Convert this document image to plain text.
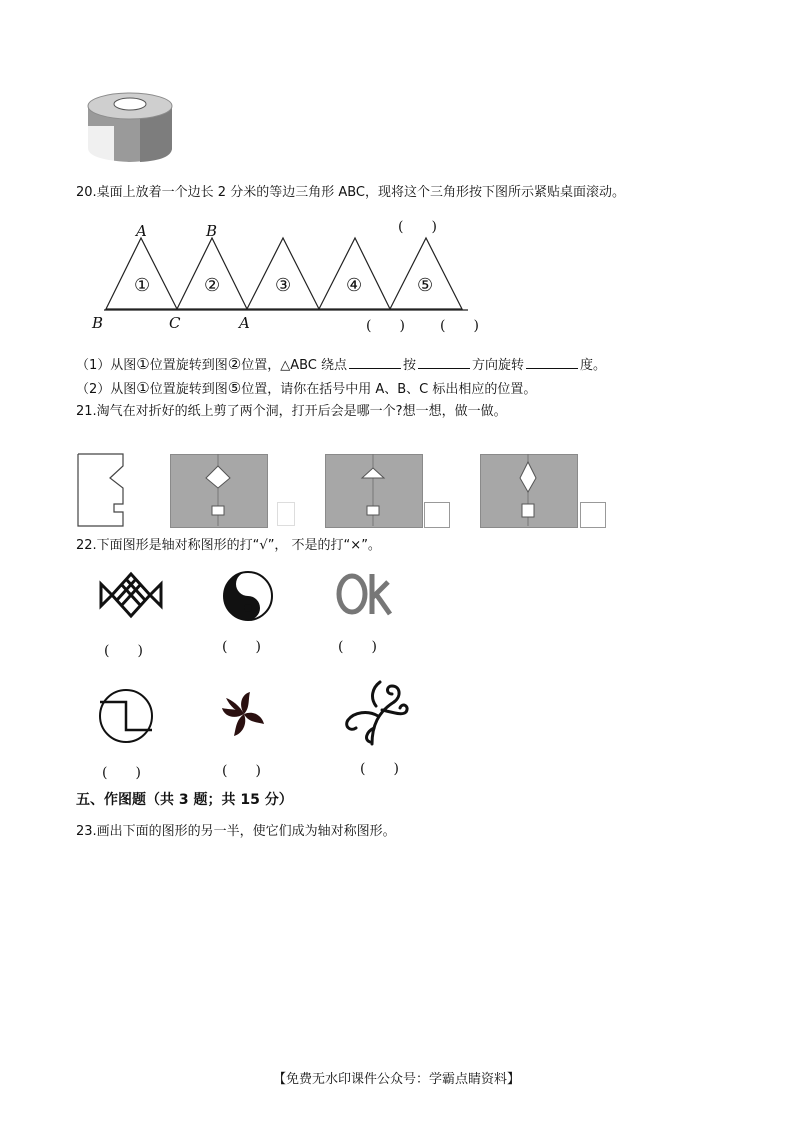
20.桌面上放着一个边长 2 分米的等边三角形 ABC，现将这个三角形按下图所示紧贴桌面滚动。
A	B
B	C	A
①	②	③	④	⑤
(　　)
(　　)	(　　)
（1）从图①位置旋转到图②位置，△ABC 绕点	按	方向旋转	度。
（2）从图①位置旋转到图⑤位置，请你在括号中用 A、B、C 标出相应的位置。
21.淘气在对折好的纸上剪了两个洞，打开后会是哪一个?想一想，做一做。
22.下面图形是轴对称图形的打“√”， 不是的打“×”。
(　　)	(　　)	(　　)
(　　)	(　　)	(　　)
五、作图题（共 3 题；共 15 分）
23.画出下面的图形的另一半，使它们成为轴对称图形。
【免费无水印课件公众号：学霸点睛资料】
